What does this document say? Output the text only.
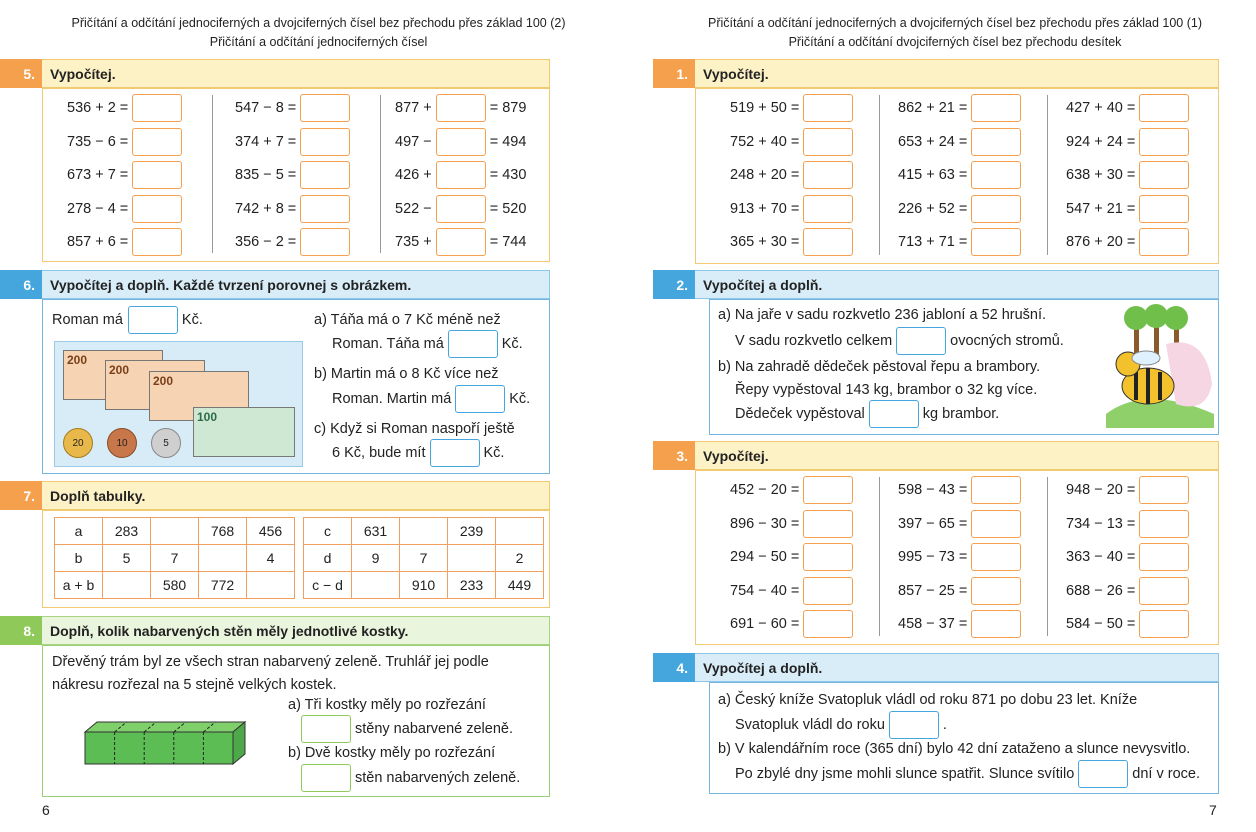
Přičítání a odčítání jednociferných a dvojciferných čísel bez přechodu přes základ 100 (2)
Přičítání a odčítání jednociferných čísel
5.	Vypočítej.
536 + 2 =
735 − 6 =
673 + 7 =
278 − 4 =
857 + 6 =
547 − 8 =
374 + 7 =
835 − 5 =
742 + 8 =
356 − 2 =
877 +	= 879
497 −	= 494
426 +	= 430
522 −	= 520
735 +	= 744
6.	Vypočítej a doplň. Každé tvrzení porovnej s obrázkem.
Roman má	Kč.
200
200
200
100
20	10	5
a) Táňa má o 7 Kč méně než
Roman. Táňa má	Kč.
b) Martin má o 8 Kč více než
Roman. Martin má	Kč.
c) Když si Roman naspoří ještě
6 Kč, bude mít	Kč.
7.	Doplň tabulky.
a	283		768	456
b	5	7		4
a + b		580	772	
c	631		239	
d	9	7		2
c − d		910	233	449
8.	Doplň, kolik nabarvených stěn měly jednotlivé kostky.
Dřevěný trám byl ze všech stran nabarvený zeleně. Truhlář jej podle
nákresu rozřezal na 5 stejně velkých kostek.
a) Tři kostky měly po rozřezání
stěny nabarvené zeleně.
b) Dvě kostky měly po rozřezání
stěn nabarvených zeleně.
6
Přičítání a odčítání jednociferných a dvojciferných čísel bez přechodu přes základ 100 (1)
Přičítání a odčítání dvojciferných čísel bez přechodu desítek
1.	Vypočítej.
519 + 50 =
752 + 40 =
248 + 20 =
913 + 70 =
365 + 30 =
862 + 21 =
653 + 24 =
415 + 63 =
226 + 52 =
713 + 71 =
427 + 40 =
924 + 24 =
638 + 30 =
547 + 21 =
876 + 20 =
2.	Vypočítej a doplň.
a) Na jaře v sadu rozkvetlo 236 jabloní a 52 hrušní.
V sadu rozkvetlo celkem	ovocných stromů.
b) Na zahradě dědeček pěstoval řepu a brambory.
Řepy vypěstoval 143 kg, brambor o 32 kg více.
Dědeček vypěstoval	kg brambor.
3.	Vypočítej.
452 − 20 =
896 − 30 =
294 − 50 =
754 − 40 =
691 − 60 =
598 − 43 =
397 − 65 =
995 − 73 =
857 − 25 =
458 − 37 =
948 − 20 =
734 − 13 =
363 − 40 =
688 − 26 =
584 − 50 =
4.	Vypočítej a doplň.
a) Český kníže Svatopluk vládl od roku 871 po dobu 23 let. Kníže
Svatopluk vládl do roku	.
b) V kalendářním roce (365 dní) bylo 42 dní zataženo a slunce nevysvitlo.
Po zbylé dny jsme mohli slunce spatřit. Slunce svítilo	dní v roce.
7
